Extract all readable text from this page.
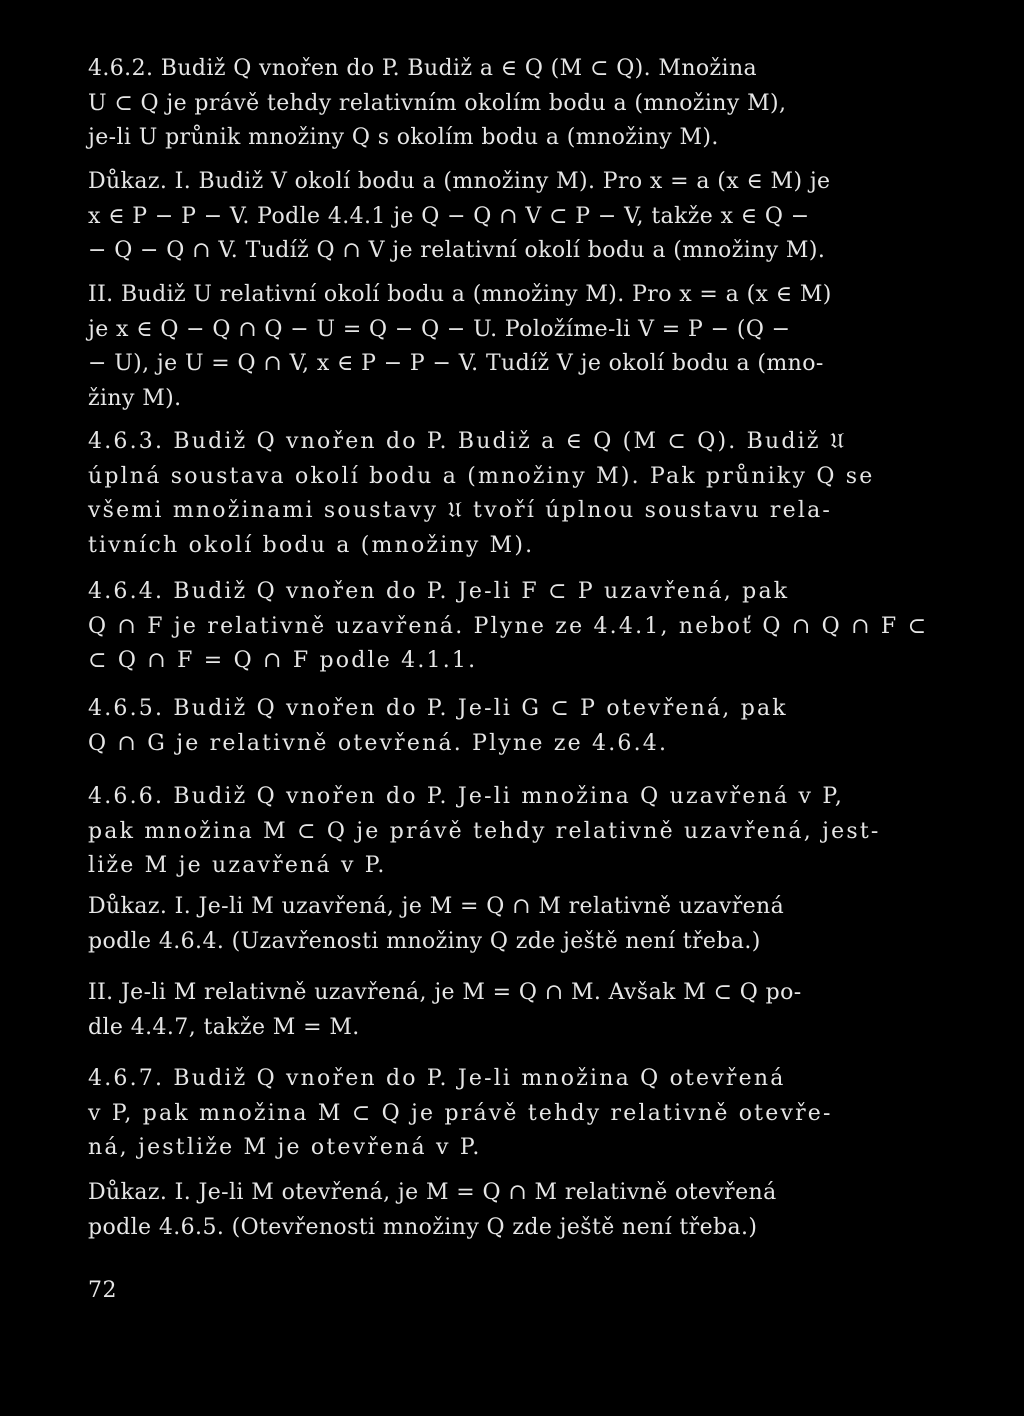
4.6.2. Budiž Q vnořen do P. Budiž a ∈ Q (M ⊂ Q). Množina
U ⊂ Q je právě tehdy relativním okolím bodu a (množiny M),
je-li U průnik množiny Q s okolím bodu a (množiny M).
Důkaz. I. Budiž V okolí bodu a (množiny M). Pro x = a (x ∈ M) je
x ∈ P − P − V. Podle 4.4.1 je Q − Q ∩ V ⊂ P − V, takže x ∈ Q −
− Q − Q ∩ V. Tudíž Q ∩ V je relativní okolí bodu a (množiny M).
II. Budiž U relativní okolí bodu a (množiny M). Pro x = a (x ∈ M)
je x ∈ Q − Q ∩ Q − U = Q − Q − U. Položíme-li V = P − (Q −
− U), je U = Q ∩ V, x ∈ P − P − V. Tudíž V je okolí bodu a (mno-
žiny M).
4.6.3. Budiž Q vnořen do P. Budiž a ∈ Q (M ⊂ Q). Budiž 𝔘
úplná soustava okolí bodu a (množiny M). Pak průniky Q se
všemi množinami soustavy 𝔘 tvoří úplnou soustavu rela-
tivních okolí bodu a (množiny M).
4.6.4. Budiž Q vnořen do P. Je-li F ⊂ P uzavřená, pak
Q ∩ F je relativně uzavřená. Plyne ze 4.4.1, neboť Q ∩ Q ∩ F ⊂
⊂ Q ∩ F = Q ∩ F podle 4.1.1.
4.6.5. Budiž Q vnořen do P. Je-li G ⊂ P otevřená, pak
Q ∩ G je relativně otevřená. Plyne ze 4.6.4.
4.6.6. Budiž Q vnořen do P. Je-li množina Q uzavřená v P,
pak množina M ⊂ Q je právě tehdy relativně uzavřená, jest-
liže M je uzavřená v P.
Důkaz. I. Je-li M uzavřená, je M = Q ∩ M relativně uzavřená
podle 4.6.4. (Uzavřenosti množiny Q zde ještě není třeba.)
II. Je-li M relativně uzavřená, je M = Q ∩ M. Avšak M ⊂ Q po-
dle 4.4.7, takže M = M.
4.6.7. Budiž Q vnořen do P. Je-li množina Q otevřená
v P, pak množina M ⊂ Q je právě tehdy relativně otevře-
ná, jestliže M je otevřená v P.
Důkaz. I. Je-li M otevřená, je M = Q ∩ M relativně otevřená
podle 4.6.5. (Otevřenosti množiny Q zde ještě není třeba.)
72
